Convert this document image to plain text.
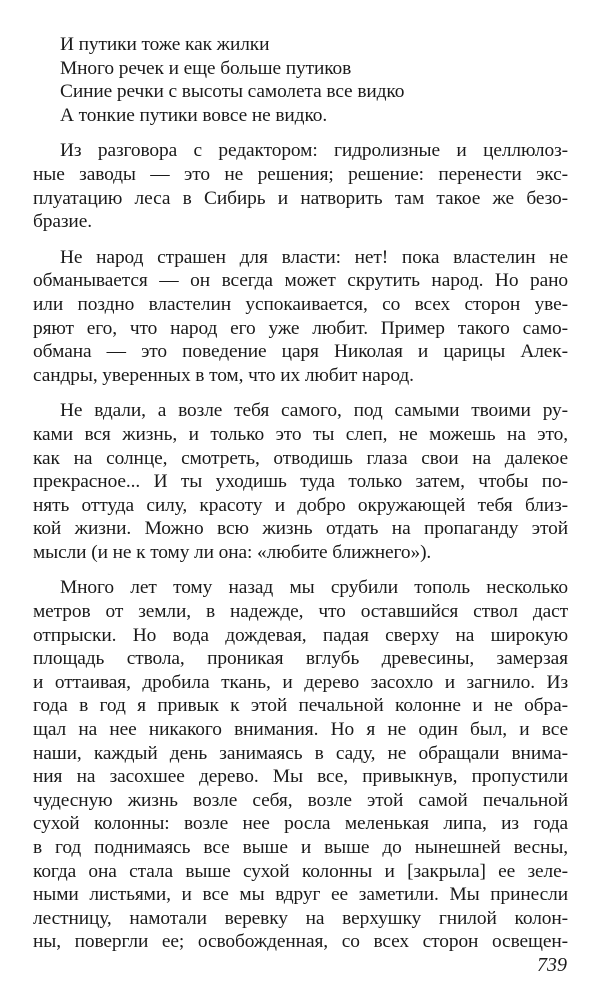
И путики тоже как жилки
Много речек и еще больше путиков
Синие речки с высоты самолета все видко
А тонкие путики вовсе не видко.
Из разговора с редактором: гидролизные и целлюлоз-
ные заводы — это не решения; решение: перенести экс-
плуатацию леса в Сибирь и натворить там такое же безо-
бразие.
Не народ страшен для власти: нет! пока властелин не
обманывается — он всегда может скрутить народ. Но рано
или поздно властелин успокаивается, со всех сторон уве-
ряют его, что народ его уже любит. Пример такого само-
обмана — это поведение царя Николая и царицы Алек-
сандры, уверенных в том, что их любит народ.
Не вдали, а возле тебя самого, под самыми твоими ру-
ками вся жизнь, и только это ты слеп, не можешь на это,
как на солнце, смотреть, отводишь глаза свои на далекое
прекрасное... И ты уходишь туда только затем, чтобы по-
нять оттуда силу, красоту и добро окружающей тебя близ-
кой жизни. Можно всю жизнь отдать на пропаганду этой
мысли (и не к тому ли она: «любите ближнего»).
Много лет тому назад мы срубили тополь несколько
метров от земли, в надежде, что оставшийся ствол даст
отпрыски. Но вода дождевая, падая сверху на широкую
площадь ствола, проникая вглубь древесины, замерзая
и оттаивая, дробила ткань, и дерево засохло и загнило. Из
года в год я привык к этой печальной колонне и не обра-
щал на нее никакого внимания. Но я не один был, и все
наши, каждый день занимаясь в саду, не обращали внима-
ния на засохшее дерево. Мы все, привыкнув, пропустили
чудесную жизнь возле себя, возле этой самой печальной
сухой колонны: возле нее росла меленькая липа, из года
в год поднимаясь все выше и выше до нынешней весны,
когда она стала выше сухой колонны и [закрыла] ее зеле-
ными листьями, и все мы вдруг ее заметили. Мы принесли
лестницу, намотали веревку на верхушку гнилой колон-
ны, повергли ее; освобожденная, со всех сторон освещен-
739
